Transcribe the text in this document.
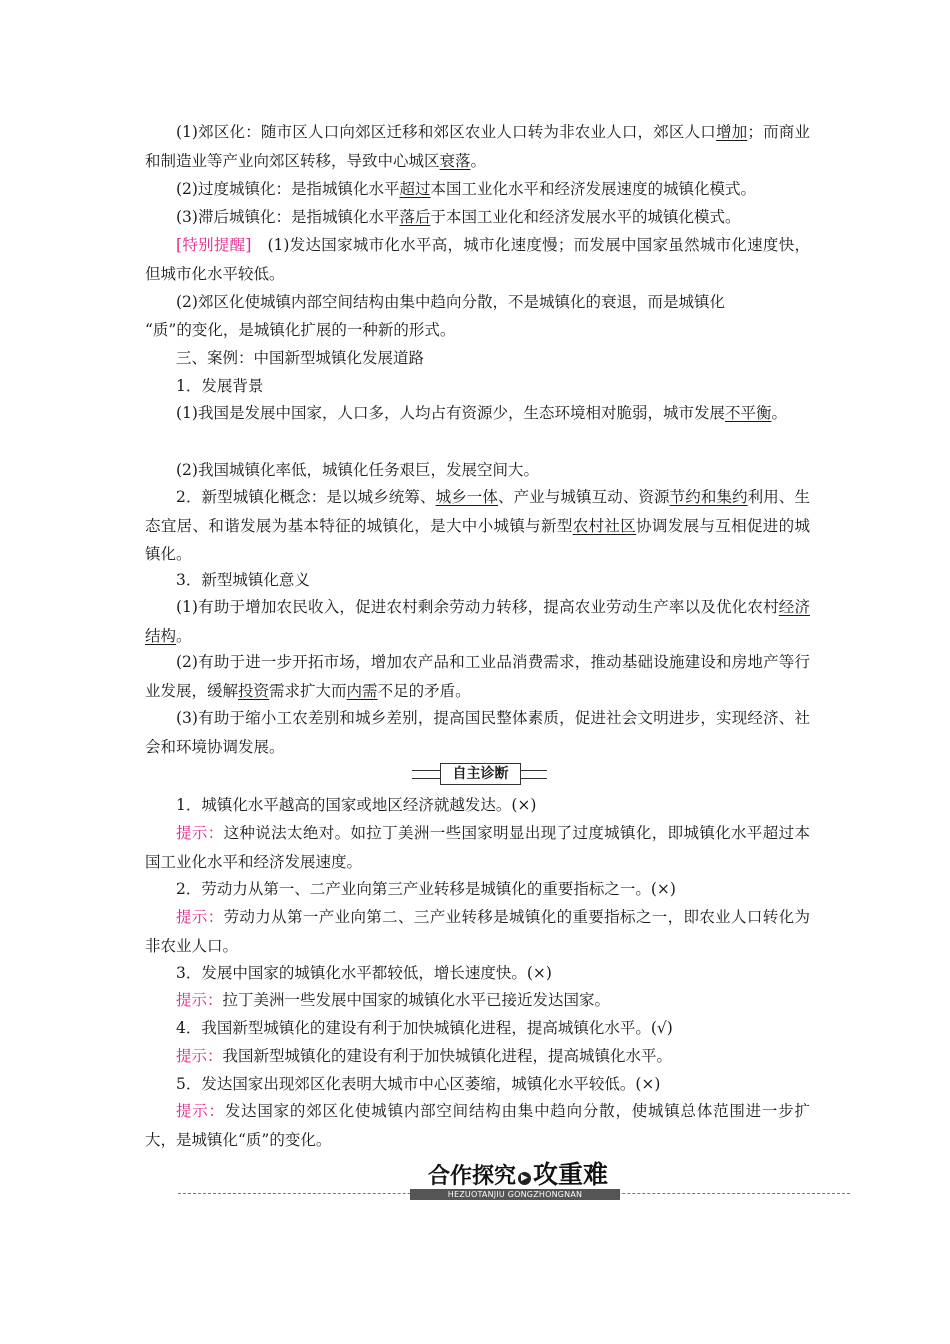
(1)郊区化：随市区人口向郊区迁移和郊区农业人口转为非农业人口，郊区人口增加；而商业和制造业等产业向郊区转移，导致中心城区衰落。

(2)过度城镇化：是指城镇化水平超过本国工业化水平和经济发展速度的城镇化模式。

(3)滞后城镇化：是指城镇化水平落后于本国工业化和经济发展水平的城镇化模式。

[特别提醒]　(1)发达国家城市化水平高，城市化速度慢；而发展中国家虽然城市化速度快，但城市化水平较低。

(2)郊区化使城镇内部空间结构由集中趋向分散，不是城镇化的衰退，而是城镇化

“质”的变化，是城镇化扩展的一种新的形式。

三、案例：中国新型城镇化发展道路

1．发展背景

(1)我国是发展中国家，人口多，人均占有资源少，生态环境相对脆弱，城市发展不平衡。

(2)我国城镇化率低，城镇化任务艰巨，发展空间大。

2．新型城镇化概念：是以城乡统筹、城乡一体、产业与城镇互动、资源节约和集约利用、生态宜居、和谐发展为基本特征的城镇化，是大中小城镇与新型农村社区协调发展与互相促进的城镇化。

3．新型城镇化意义

(1)有助于增加农民收入，促进农村剩余劳动力转移，提高农业劳动生产率以及优化农村经济结构。

(2)有助于进一步开拓市场，增加农产品和工业品消费需求，推动基础设施建设和房地产等行业发展，缓解投资需求扩大而内需不足的矛盾。

(3)有助于缩小工农差别和城乡差别，提高国民整体素质，促进社会文明进步，实现经济、社会和环境协调发展。

自主诊断

1．城镇化水平越高的国家或地区经济就越发达。(×)

提示：这种说法太绝对。如拉丁美洲一些国家明显出现了过度城镇化，即城镇化水平超过本国工业化水平和经济发展速度。

2．劳动力从第一、二产业向第三产业转移是城镇化的重要指标之一。(×)

提示：劳动力从第一产业向第二、三产业转移是城镇化的重要指标之一，即农业人口转化为非农业人口。

3．发展中国家的城镇化水平都较低，增长速度快。(×)

提示：拉丁美洲一些发展中国家的城镇化水平已接近发达国家。

4．我国新型城镇化的建设有利于加快城镇化进程，提高城镇化水平。(√)

提示：我国新型城镇化的建设有利于加快城镇化进程，提高城镇化水平。

5．发达国家出现郊区化表明大城市中心区萎缩，城镇化水平较低。(×)

提示：发达国家的郊区化使城镇内部空间结构由集中趋向分散，使城镇总体范围进一步扩大，是城镇化“质”的变化。

合作探究 ▶ 攻重难
HEZUOTANJIU GONGZHONGNAN
